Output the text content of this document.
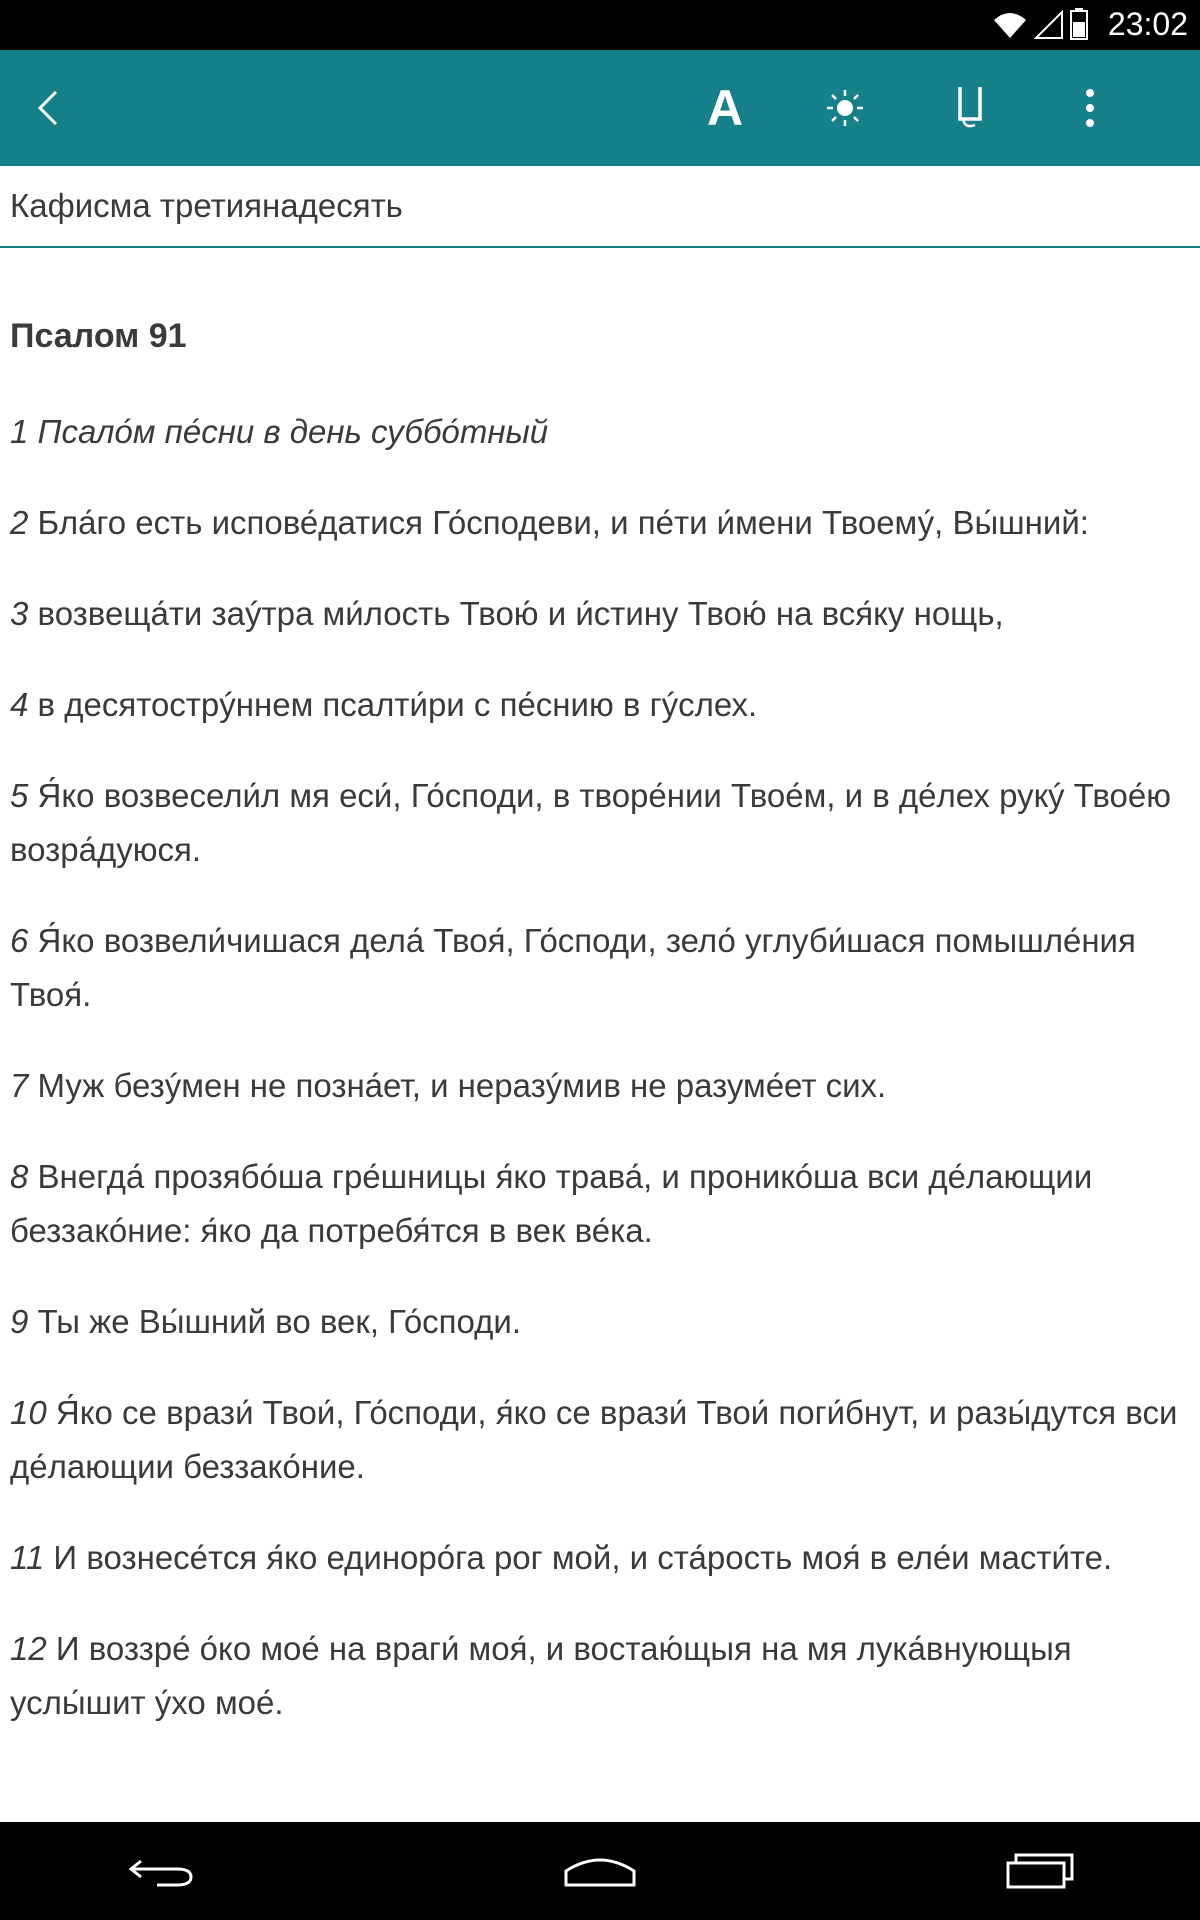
23:02
A
Кафисма третиянадесять
Псалом 91

1 Псало́м пе́сни в день суббо́тный

2 Бла́го есть испове́датися Го́сподеви, и пе́ти и́мени Твоему́, Вы́шний:

3 возвеща́ти заýтра ми́лость Твою́ и и́стину Твою́ на вся́ку нощь,

4 в десятострýннем псалти́ри с пе́снию в гýслех.

5 Я́ко возвесели́л мя еси́, Го́споди, в творе́нии Твое́м, и в де́лех рукý Твое́ю возра́дуюся.

6 Я́ко возвели́чишася дела́ Твоя́, Го́споди, зело́ углуби́шася помышле́ния Твоя́.

7 Муж безýмен не позна́ет, и неразýмив не разуме́ет сих.

8 Внегда́ прозябо́ша гре́шницы я́ко трава́, и проникóша вси де́лающии беззакóние: я́ко да потребя́тся в век ве́ка.

9 Ты же Вы́шний во век, Го́споди.

10 Я́ко се врази́ Твои́, Го́споди, я́ко се врази́ Твои́ поги́бнут, и разы́дутся вси де́лающии беззако́ние.

11 И вознесе́тся я́ко единоро́га рог мой, и ста́рость моя́ в еле́и масти́те.

12 И воззре́ о́ко мое́ на враги́ моя́, и востаю́щыя на мя лука́внующыя услы́шит у́хо мое́.
